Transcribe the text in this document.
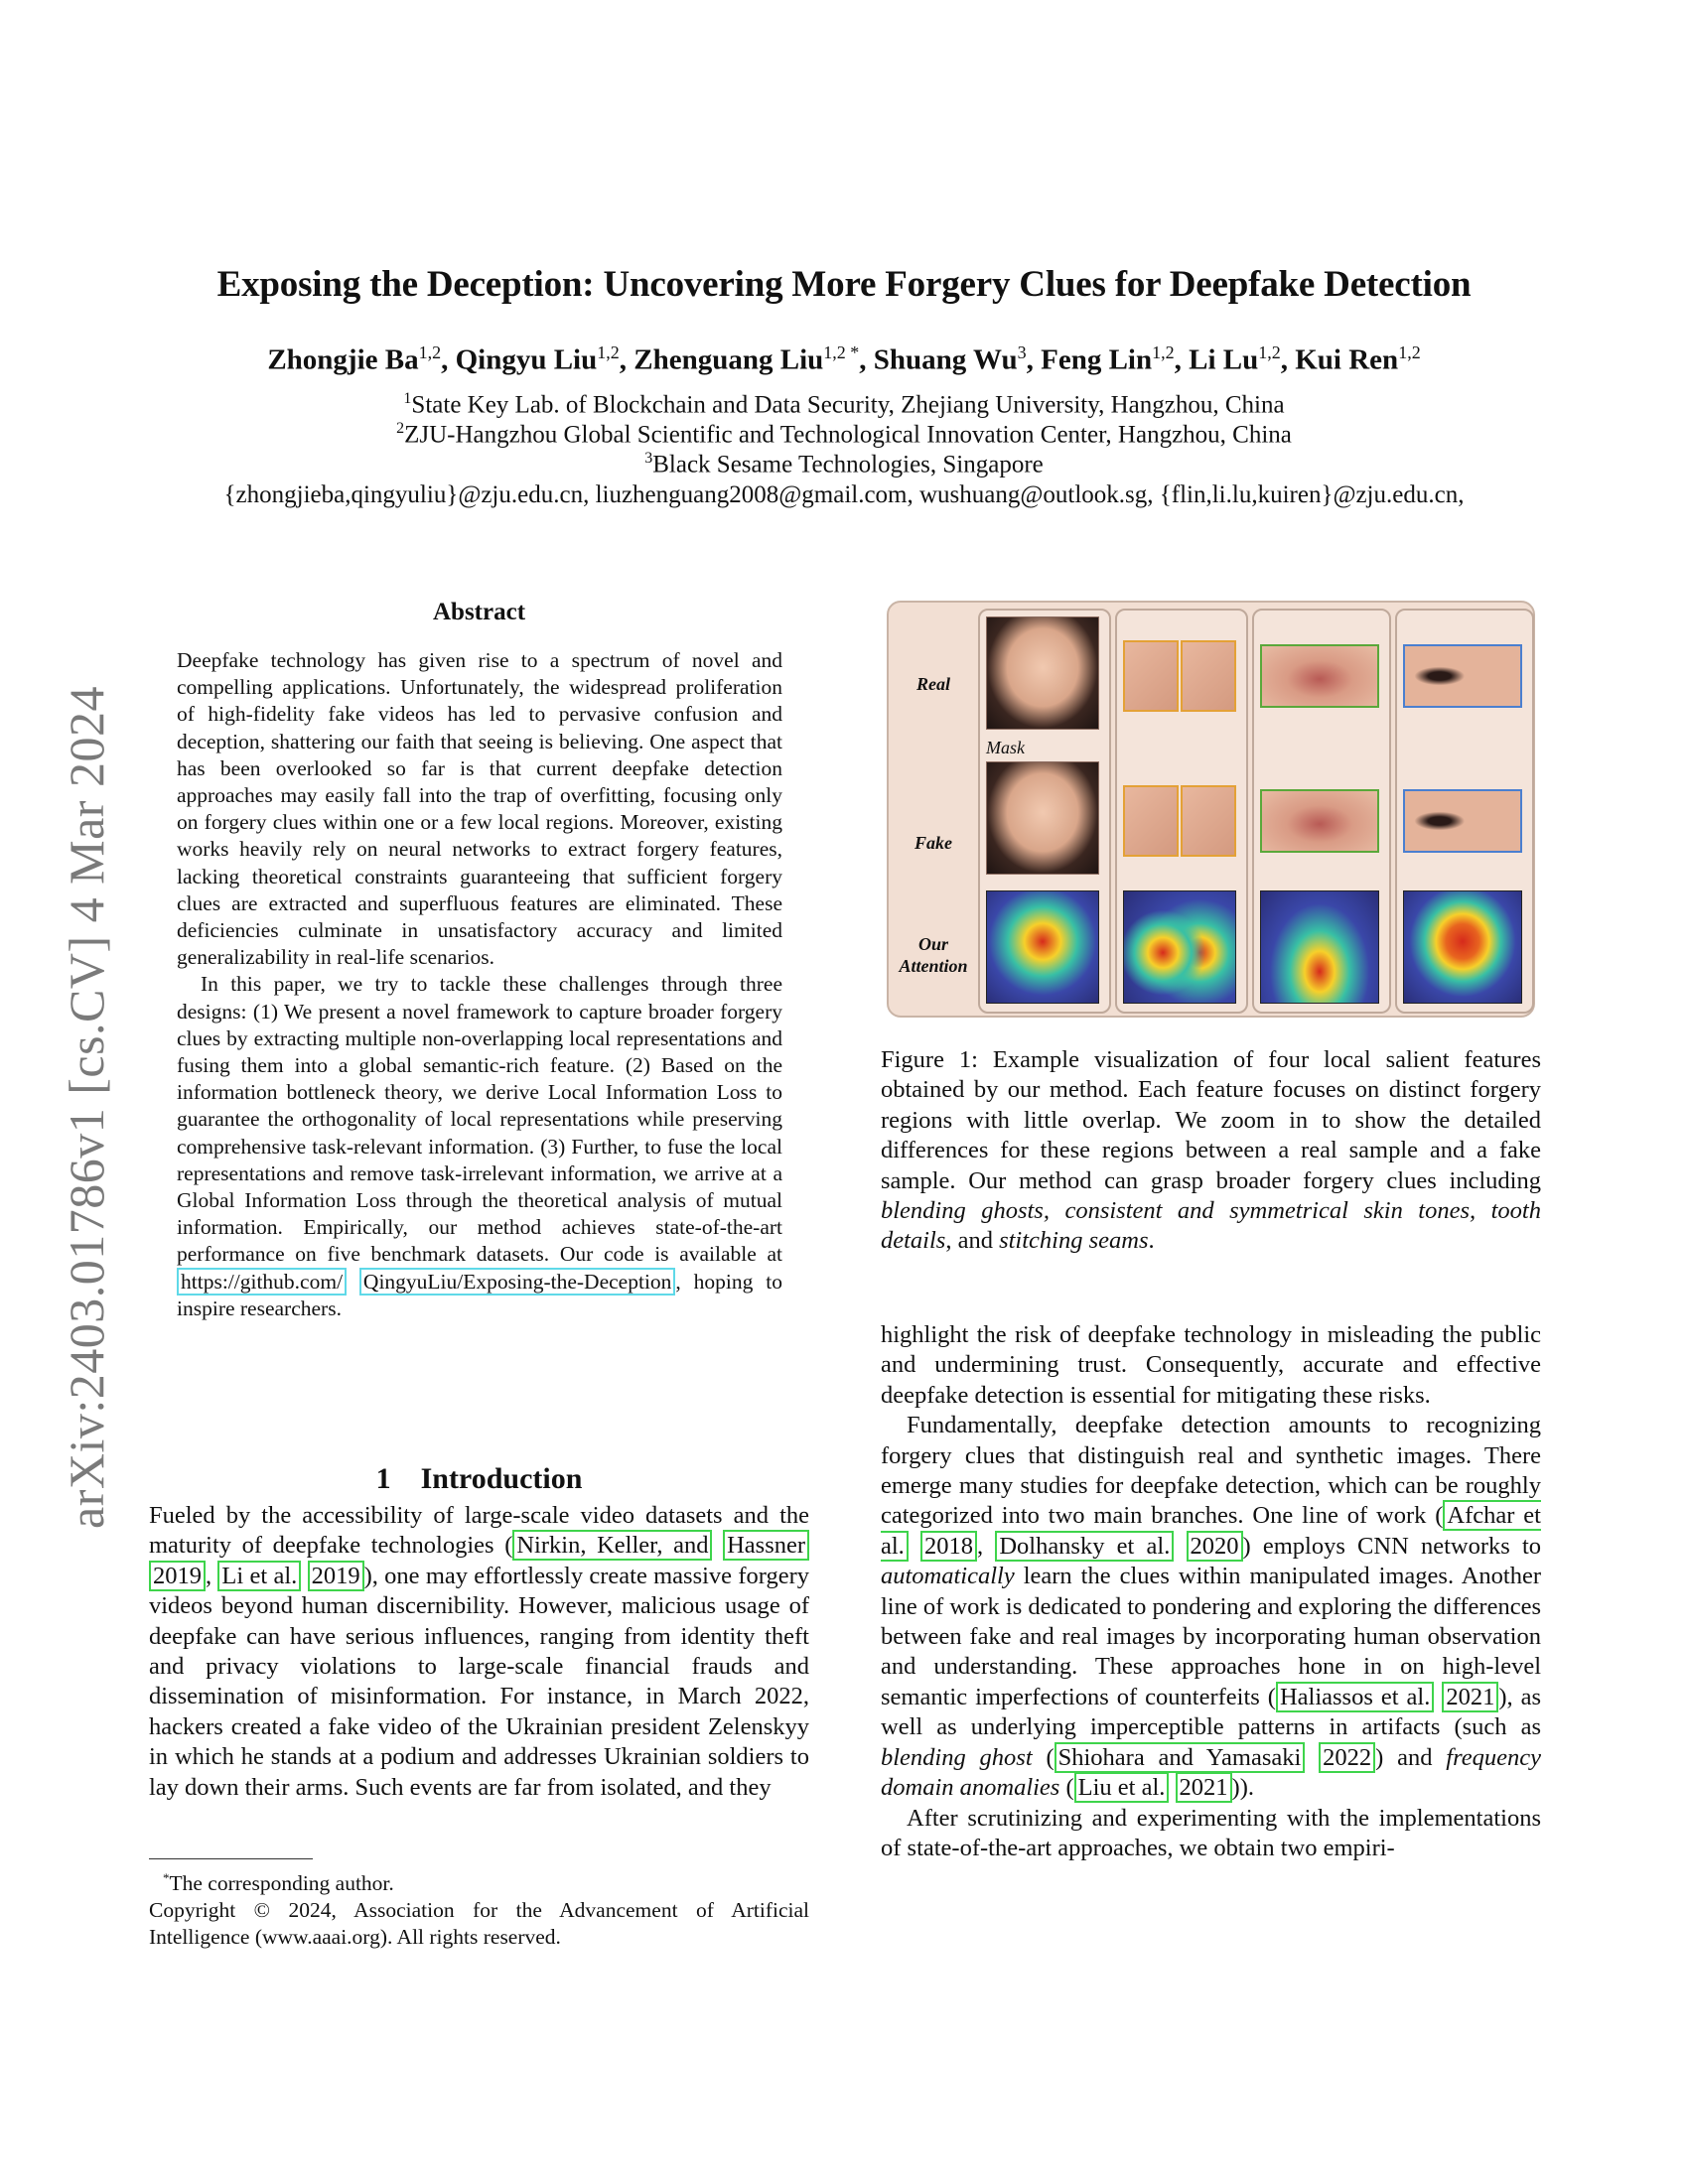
arXiv:2403.01786v1 [cs.CV] 4 Mar 2024
Exposing the Deception: Uncovering More Forgery Clues for Deepfake Detection
Zhongjie Ba$^{1,2}$, Qingyu Liu$^{1,2}$, Zhenguang Liu$^{1,2 *}$, Shuang Wu$^3$, Feng Lin$^{1,2}$, Li Lu$^{1,2}$, Kui Ren$^{1,2}$
$^1$State Key Lab. of Blockchain and Data Security, Zhejiang University, Hangzhou, China
$^2$ZJU-Hangzhou Global Scientific and Technological Innovation Center, Hangzhou, China
$^3$Black Sesame Technologies, Singapore
{zhongjieba,qingyuliu}@zju.edu.cn, liuzhenguang2008@gmail.com, wushuang@outlook.sg, {flin,li.lu,kuiren}@zju.edu.cn,
Abstract

Deepfake technology has given rise to a spectrum of novel and compelling applications. Unfortunately, the widespread proliferation of high-fidelity fake videos has led to pervasive confusion and deception, shattering our faith that seeing is believing. One aspect that has been overlooked so far is that current deepfake detection approaches may easily fall into the trap of overfitting, focusing only on forgery clues within one or a few local regions. Moreover, existing works heavily rely on neural networks to extract forgery features, lacking theoretical constraints guaranteeing that sufficient forgery clues are extracted and superfluous features are eliminated. These deficiencies culminate in unsatisfactory accuracy and limited generalizability in real-life scenarios.

In this paper, we try to tackle these challenges through three designs: (1) We present a novel framework to capture broader forgery clues by extracting multiple non-overlapping local representations and fusing them into a global semantic-rich feature. (2) Based on the information bottleneck theory, we derive Local Information Loss to guarantee the orthogonality of local representations while preserving comprehensive task-relevant information. (3) Further, to fuse the local representations and remove task-irrelevant information, we arrive at a Global Information Loss through the theoretical analysis of mutual information. Empirically, our method achieves state-of-the-art performance on five benchmark datasets. Our code is available at https://github.com/ QingyuLiu/Exposing-the-Deception , hoping to inspire researchers.

1 Introduction

Fueled by the accessibility of large-scale video datasets and the maturity of deepfake technologies ( Nirkin, Keller, and Hassner 2019 , Li et al. 2019 ), one may effortlessly create massive forgery videos beyond human discernibility. However, malicious usage of deepfake can have serious influences, ranging from identity theft and privacy violations to large-scale financial frauds and dissemination of misinformation. For instance, in March 2022, hackers created a fake video of the Ukrainian president Zelenskyy in which he stands at a podium and addresses Ukrainian soldiers to lay down their arms. Such events are far from isolated, and they

*The corresponding author.
Copyright © 2024, Association for the Advancement of Artificial Intelligence (www.aaai.org). All rights reserved.
Real
Fake
Our
Attention
Mask

Figure 1: Example visualization of four local salient features obtained by our method. Each feature focuses on distinct forgery regions with little overlap. We zoom in to show the detailed differences for these regions between a real sample and a fake sample. Our method can grasp broader forgery clues including blending ghosts, consistent and symmetrical skin tones, tooth details, and stitching seams.

highlight the risk of deepfake technology in misleading the public and undermining trust. Consequently, accurate and effective deepfake detection is essential for mitigating these risks.

Fundamentally, deepfake detection amounts to recognizing forgery clues that distinguish real and synthetic images. There emerge many studies for deepfake detection, which can be roughly categorized into two main branches. One line of work ( Afchar et al. 2018 , Dolhansky et al. 2020 ) employs CNN networks to automatically learn the clues within manipulated images. Another line of work is dedicated to pondering and exploring the differences between fake and real images by incorporating human observation and understanding. These approaches hone in on high-level semantic imperfections of counterfeits ( Haliassos et al. 2021 ), as well as underlying imperceptible patterns in artifacts (such as blending ghost ( Shiohara and Yamasaki 2022 ) and frequency domain anomalies ( Liu et al. 2021 )).

After scrutinizing and experimenting with the implementations of state-of-the-art approaches, we obtain two empiri-
